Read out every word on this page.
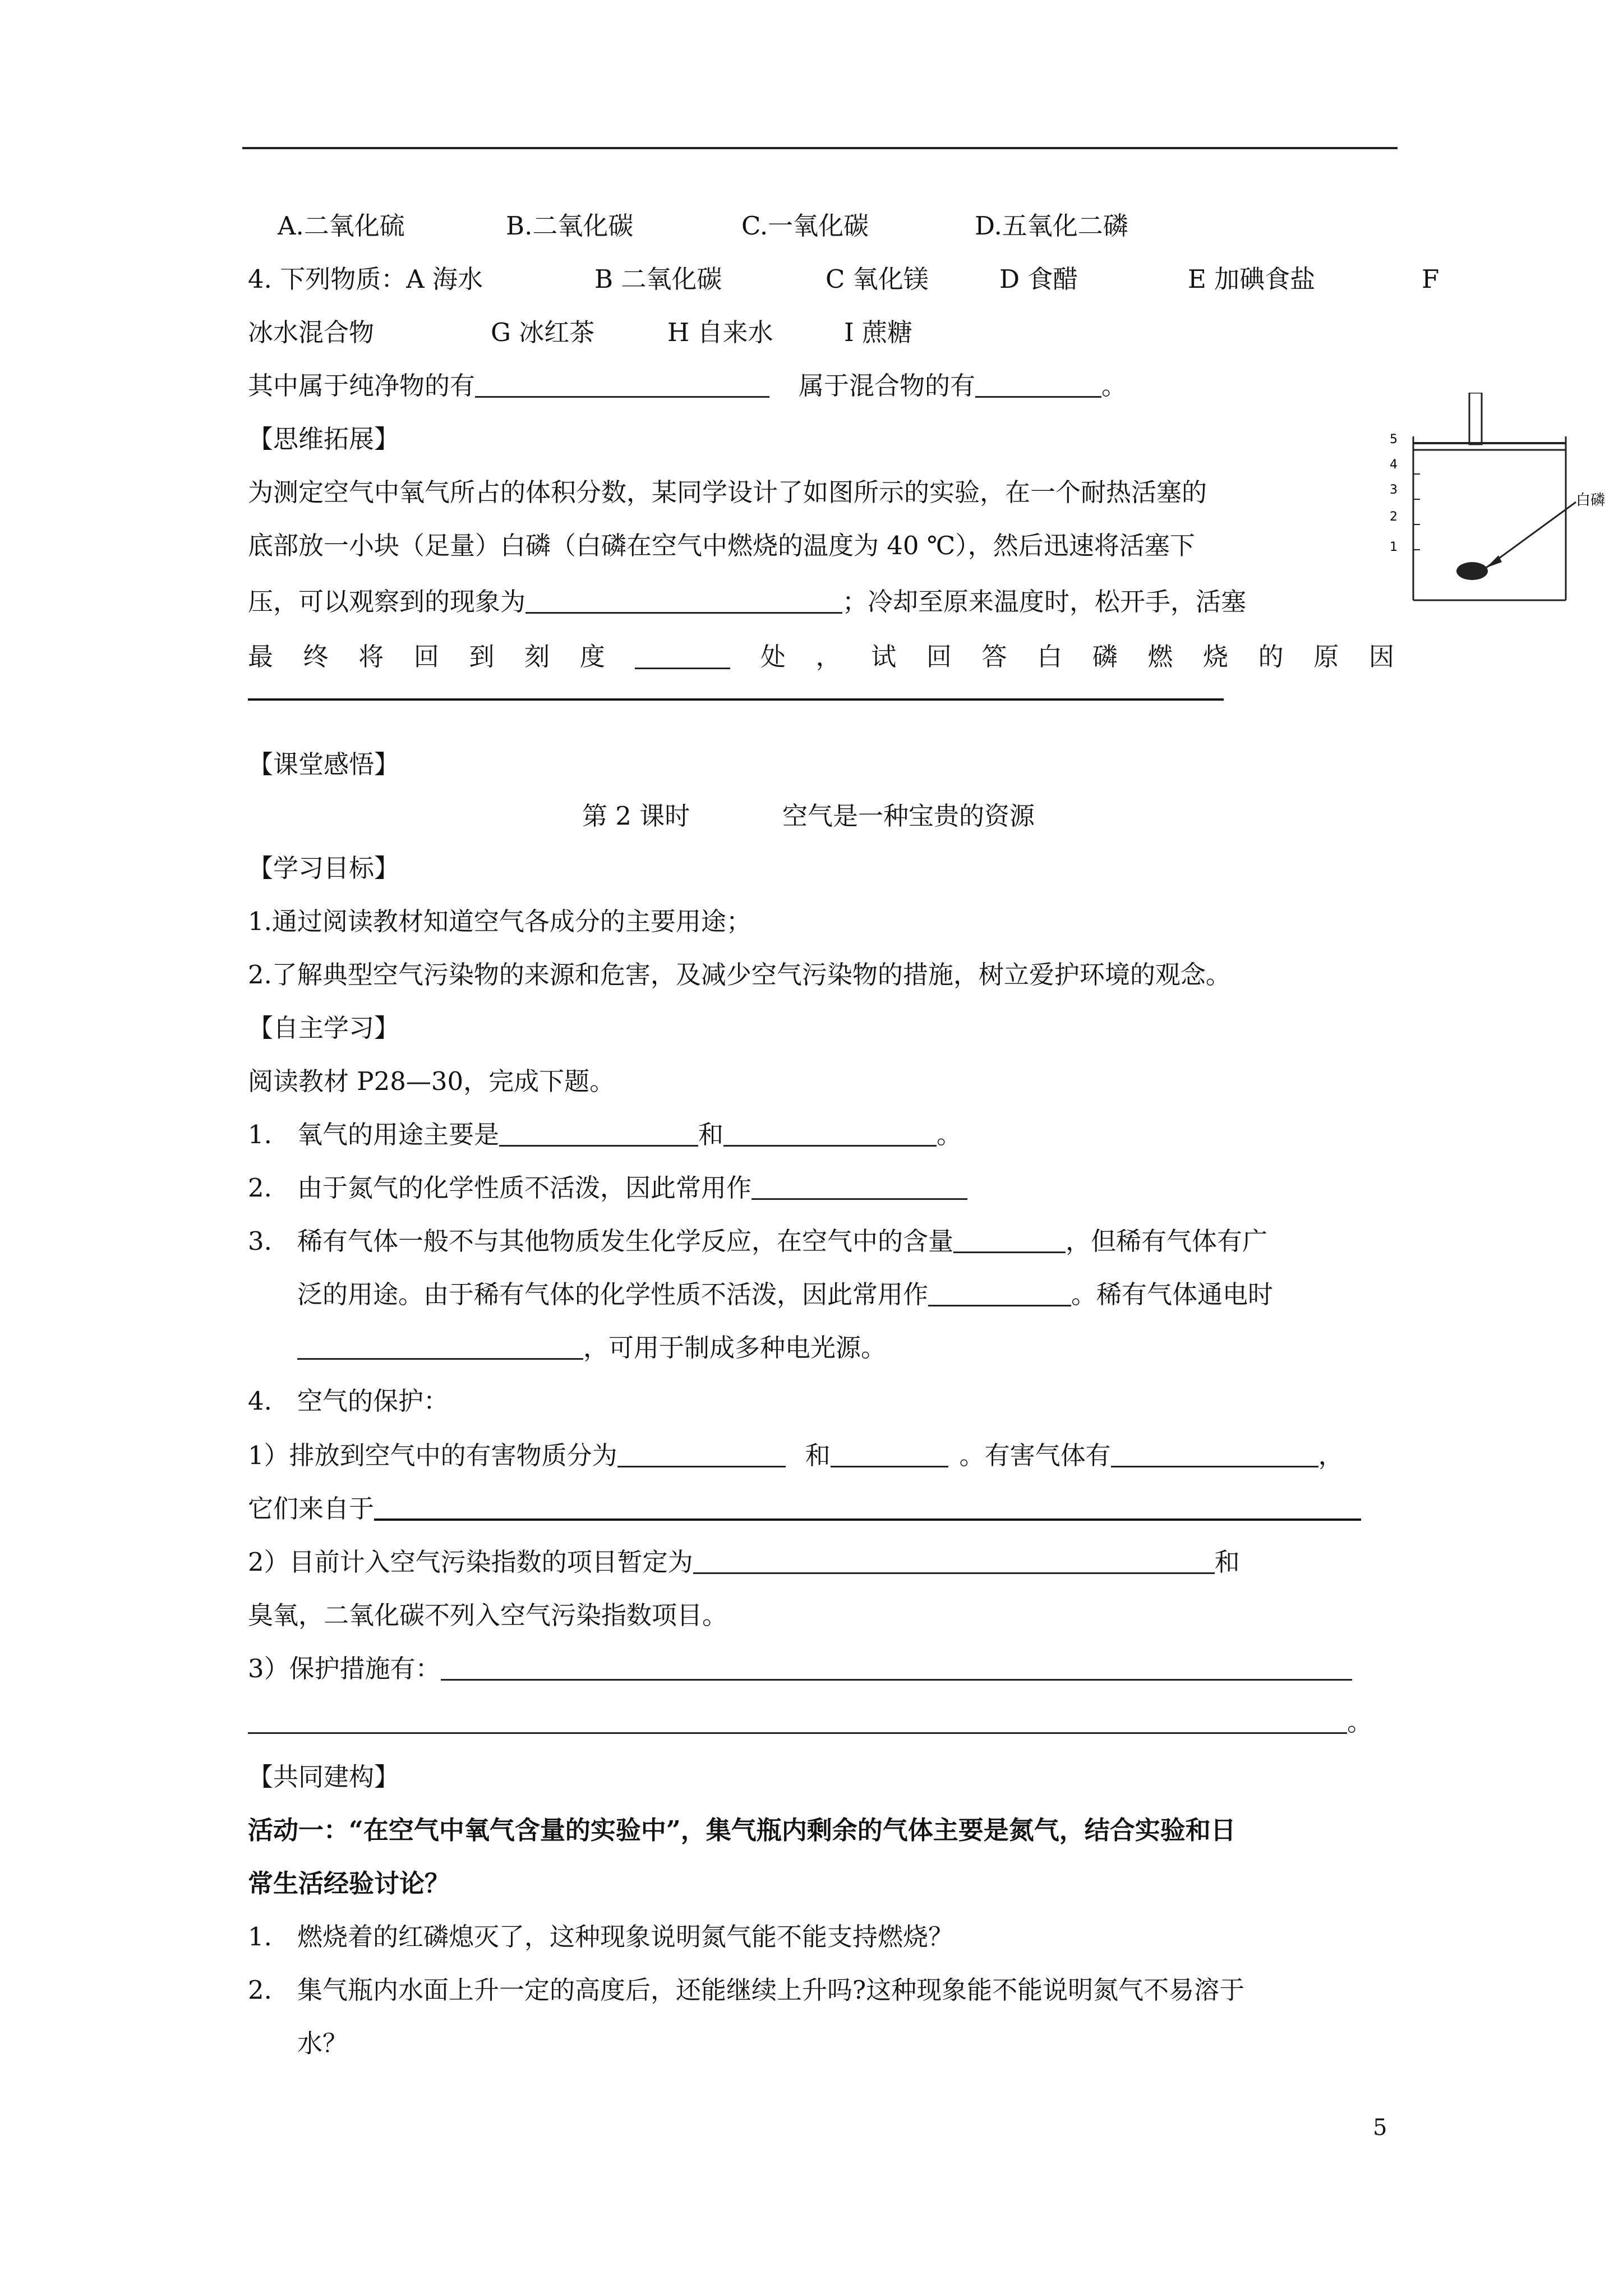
A.二氧化硫	B.二氧化碳	C.一氧化碳	D.五氧化二磷
4. 下列物质：A 海水	B 二氧化碳	C 氧化镁	D 食醋	E 加碘食盐	F
冰水混合物	G 冰红茶	H 自来水	I 蔗糖
其中属于纯净物的有	属于混合物的有	。
【思维拓展】
为测定空气中氧气所占的体积分数，某同学设计了如图所示的实验，在一个耐热活塞的
底部放一小块（足量）白磷（白磷在空气中燃烧的温度为 40 ℃），然后迅速将活塞下
压，可以观察到的现象为	；冷却至原来温度时，松开手，活塞
最 终 将 回 到 刻 度	处 ， 试 回 答 白 磷 燃 烧 的 原 因
5
4
3
2
1
白磷
【课堂感悟】
第 2 课时	空气是一种宝贵的资源
【学习目标】
1.通过阅读教材知道空气各成分的主要用途；
2.了解典型空气污染物的来源和危害，及减少空气污染物的措施，树立爱护环境的观念。
【自主学习】
阅读教材 P28—30，完成下题。
1. 氧气的用途主要是	和	。
2. 由于氮气的化学性质不活泼，因此常用作
3. 稀有气体一般不与其他物质发生化学反应，在空气中的含量	，但稀有气体有广
泛的用途。由于稀有气体的化学性质不活泼，因此常用作	。稀有气体通电时
，可用于制成多种电光源。
4. 空气的保护：
1）排放到空气中的有害物质分为	和	。有害气体有	，
它们来自于
2）目前计入空气污染指数的项目暂定为	和
臭氧，二氧化碳不列入空气污染指数项目。
3）保护措施有：
。
【共同建构】
活动一：“在空气中氧气含量的实验中”，集气瓶内剩余的气体主要是氮气，结合实验和日
常生活经验讨论？
1. 燃烧着的红磷熄灭了，这种现象说明氮气能不能支持燃烧？
2. 集气瓶内水面上升一定的高度后，还能继续上升吗?这种现象能不能说明氮气不易溶于
水？
5
